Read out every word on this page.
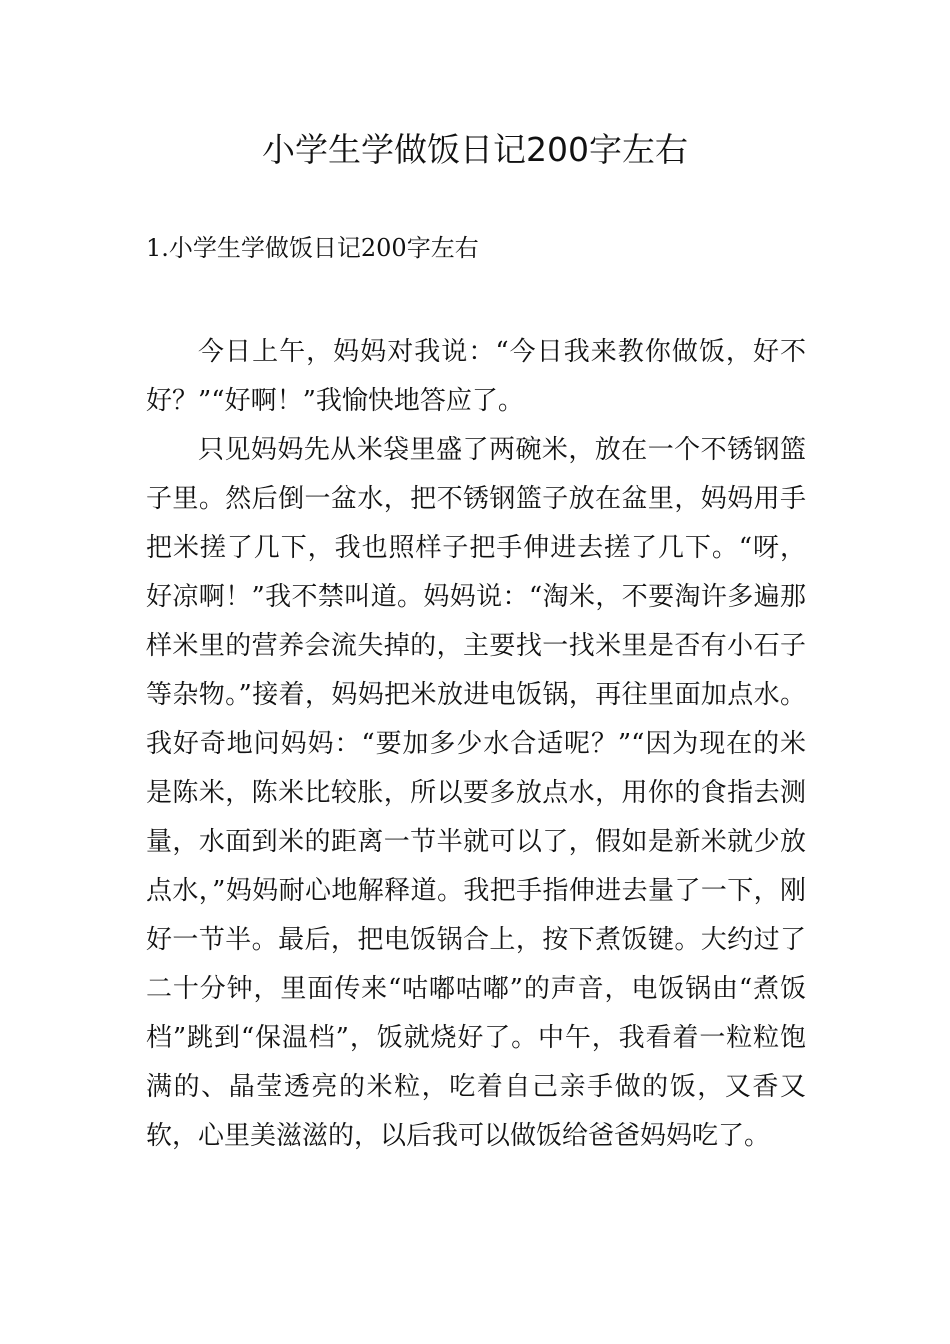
小学生学做饭日记200字左右
1.小学生学做饭日记200字左右

今日上午，妈妈对我说：“今日我来教你做饭，好不好？”“好啊！”我愉快地答应了。

只见妈妈先从米袋里盛了两碗米，放在一个不锈钢篮子里。然后倒一盆水，把不锈钢篮子放在盆里，妈妈用手把米搓了几下，我也照样子把手伸进去搓了几下。“呀，好凉啊！”我不禁叫道。妈妈说：“淘米，不要淘许多遍那样米里的营养会流失掉的，主要找一找米里是否有小石子等杂物。”接着，妈妈把米放进电饭锅，再往里面加点水。我好奇地问妈妈：“要加多少水合适呢？”“因为现在的米是陈米，陈米比较胀，所以要多放点水，用你的食指去测量，水面到米的距离一节半就可以了，假如是新米就少放点水，”妈妈耐心地解释道。我把手指伸进去量了一下，刚好一节半。最后，把电饭锅合上，按下煮饭键。大约过了二十分钟，里面传来“咕嘟咕嘟”的声音，电饭锅由“煮饭档”跳到“保温档”，饭就烧好了。中午，我看着一粒粒饱满的、晶莹透亮的米粒，吃着自己亲手做的饭，又香又软，心里美滋滋的，以后我可以做饭给爸爸妈妈吃了。
